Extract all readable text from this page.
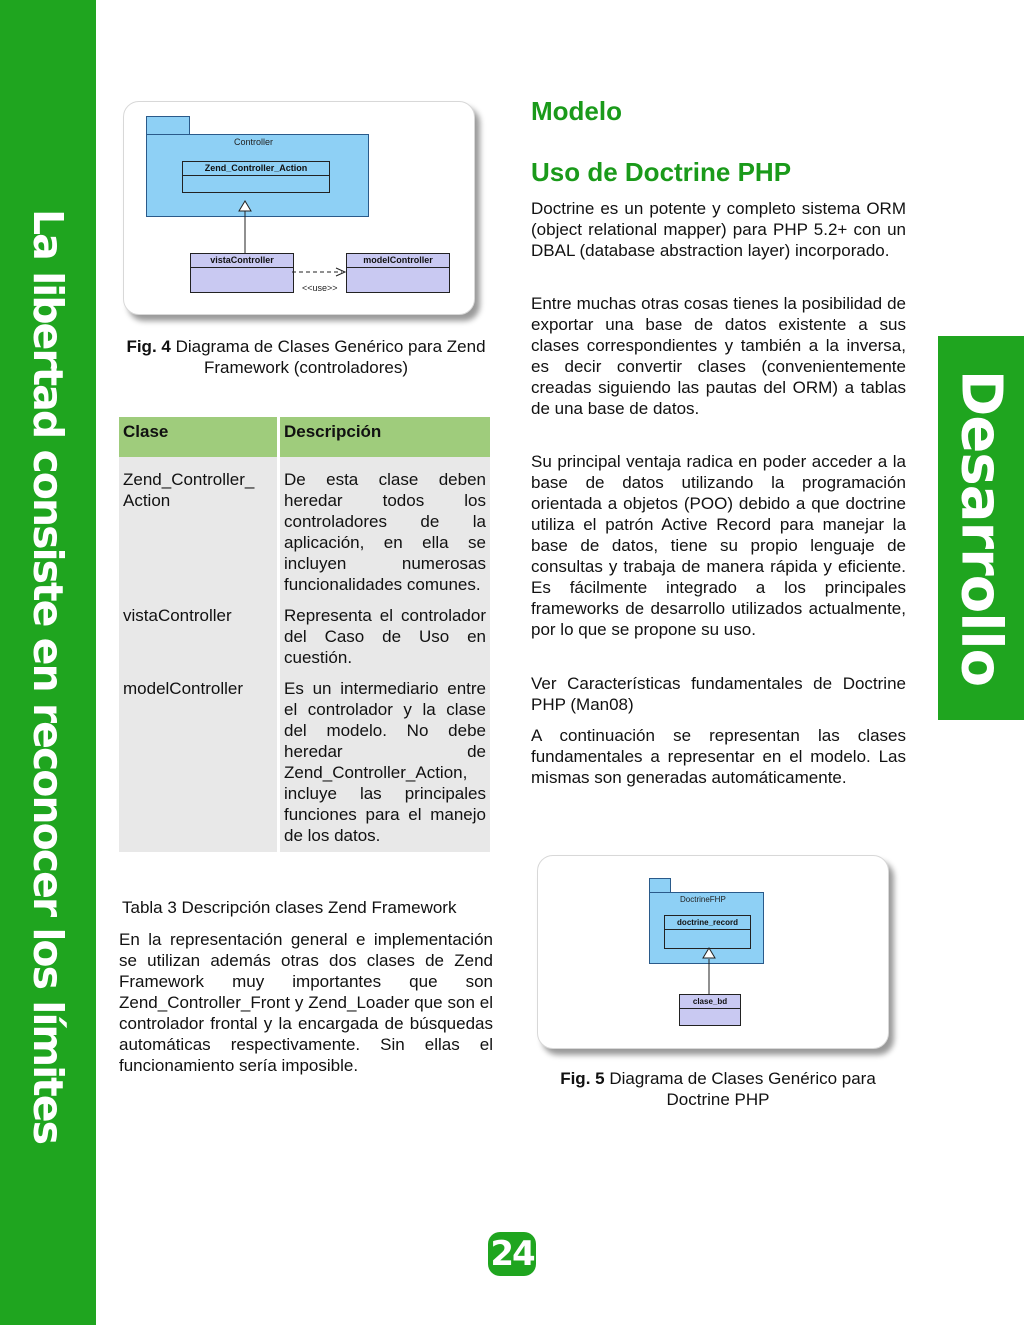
La libertad consiste en reconocer los límites	Desarrollo
Controller
Zend_Controller_Action
vistaController	modelController
<<use>>
Fig. 4 Diagrama de Clases Genérico para Zend Framework (controladores)
Clase	Descripción
Zend_Controller_ Action	De esta clase deben heredar todos los controladores de la aplicación, en ella se incluyen numerosas funcionalidades comunes.
vistaController	Representa el controlador del Caso de Uso en cuestión.
modelController	Es un intermediario entre el controlador y la clase del modelo. No debe heredar de Zend_Controller_Action, incluye las principales funciones para el manejo de los datos.
Tabla 3 Descripción clases Zend Framework
En la representación general e implementación se utilizan además otras dos clases de Zend Framework muy importantes que son Zend_Controller_Front y Zend_Loader que son el controlador frontal y la encargada de búsquedas automáticas respectivamente. Sin ellas el funcionamiento sería imposible.
Modelo
Uso de Doctrine PHP
Doctrine es un potente y completo sistema ORM (object relational mapper) para PHP 5.2+ con un DBAL (database abstraction layer) incorporado.
Entre muchas otras cosas tienes la posibilidad de exportar una base de datos existente a sus clases correspondientes y también a la inversa, es decir convertir clases (convenientemente creadas siguiendo las pautas del ORM) a tablas de una base de datos.
Su principal ventaja radica en poder acceder a la base de datos utilizando la programación orientada a objetos (POO) debido a que doctrine utiliza el patrón Active Record para manejar la base de datos, tiene su propio lenguaje de consultas y trabaja de manera rápida y eficiente. Es fácilmente integrado a los principales frameworks de desarrollo utilizados actualmente, por lo que se propone su uso.
Ver Características fundamentales de Doctrine PHP (Man08)
A continuación se representan las clases fundamentales a representar en el modelo. Las mismas son generadas automáticamente.
DoctrineFHP
doctrine_record
clase_bd
Fig. 5 Diagrama de Clases Genérico para Doctrine PHP
24
